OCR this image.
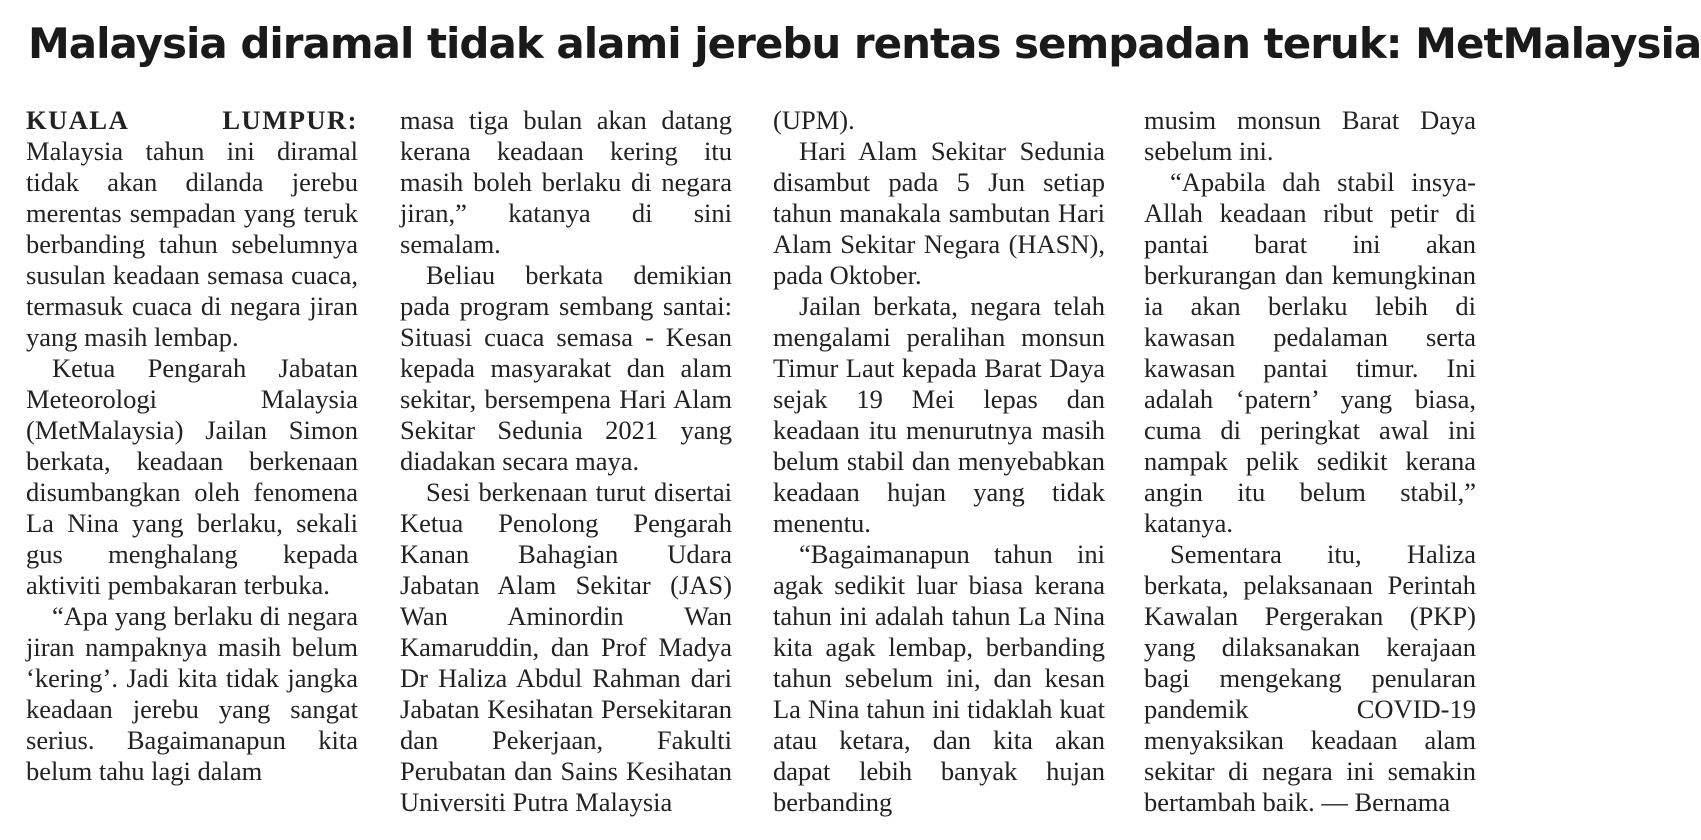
Malaysia diramal tidak alami jerebu rentas sempadan teruk: MetMalaysia

KUALA LUMPUR: Malaysia tahun ini diramal tidak akan dilanda jerebu merentas sempadan yang teruk berbanding tahun sebelumnya susulan keadaan semasa cuaca, termasuk cuaca di negara jiran yang masih lembap.

Ketua Pengarah Jabatan Meteorologi Malaysia (MetMalaysia) Jailan Simon berkata, keadaan berkenaan disumbangkan oleh fenomena La Nina yang berlaku, sekali gus menghalang kepada aktiviti pembakaran terbuka.

“Apa yang berlaku di negara jiran nampaknya masih belum ‘kering’. Jadi kita tidak jangka keadaan jerebu yang sangat serius. Bagaimanapun kita belum tahu lagi dalam

masa tiga bulan akan datang kerana keadaan kering itu masih boleh berlaku di negara jiran,” katanya di sini semalam.

Beliau berkata demikian pada program sembang santai: Situasi cuaca semasa - Kesan kepada masyarakat dan alam sekitar, bersempena Hari Alam Sekitar Sedunia 2021 yang diadakan secara maya.

Sesi berkenaan turut disertai Ketua Penolong Pengarah Kanan Bahagian Udara Jabatan Alam Sekitar (JAS) Wan Aminordin Wan Kamaruddin, dan Prof Madya Dr Haliza Abdul Rahman dari Jabatan Kesihatan Persekitaran dan Pekerjaan, Fakulti Perubatan dan Sains Kesihatan Universiti Putra Malaysia

(UPM).

Hari Alam Sekitar Sedunia disambut pada 5 Jun setiap tahun manakala sambutan Hari Alam Sekitar Negara (HASN), pada Oktober.

Jailan berkata, negara telah mengalami peralihan monsun Timur Laut kepada Barat Daya sejak 19 Mei lepas dan keadaan itu menurutnya masih belum stabil dan menyebabkan keadaan hujan yang tidak menentu.

“Bagaimanapun tahun ini agak sedikit luar biasa kerana tahun ini adalah tahun La Nina kita agak lembap, berbanding tahun sebelum ini, dan kesan La Nina tahun ini tidaklah kuat atau ketara, dan kita akan dapat lebih banyak hujan berbanding

musim monsun Barat Daya sebelum ini.

“Apabila dah stabil insya-Allah keadaan ribut petir di pantai barat ini akan berkurangan dan kemungkinan ia akan berlaku lebih di kawasan pedalaman serta kawasan pantai timur. Ini adalah ‘patern’ yang biasa, cuma di peringkat awal ini nampak pelik sedikit kerana angin itu belum stabil,” katanya.

Sementara itu, Haliza berkata, pelaksanaan Perintah Kawalan Pergerakan (PKP) yang dilaksanakan kerajaan bagi mengekang penularan pandemik COVID-19 menyaksikan keadaan alam sekitar di negara ini semakin bertambah baik. — Bernama
